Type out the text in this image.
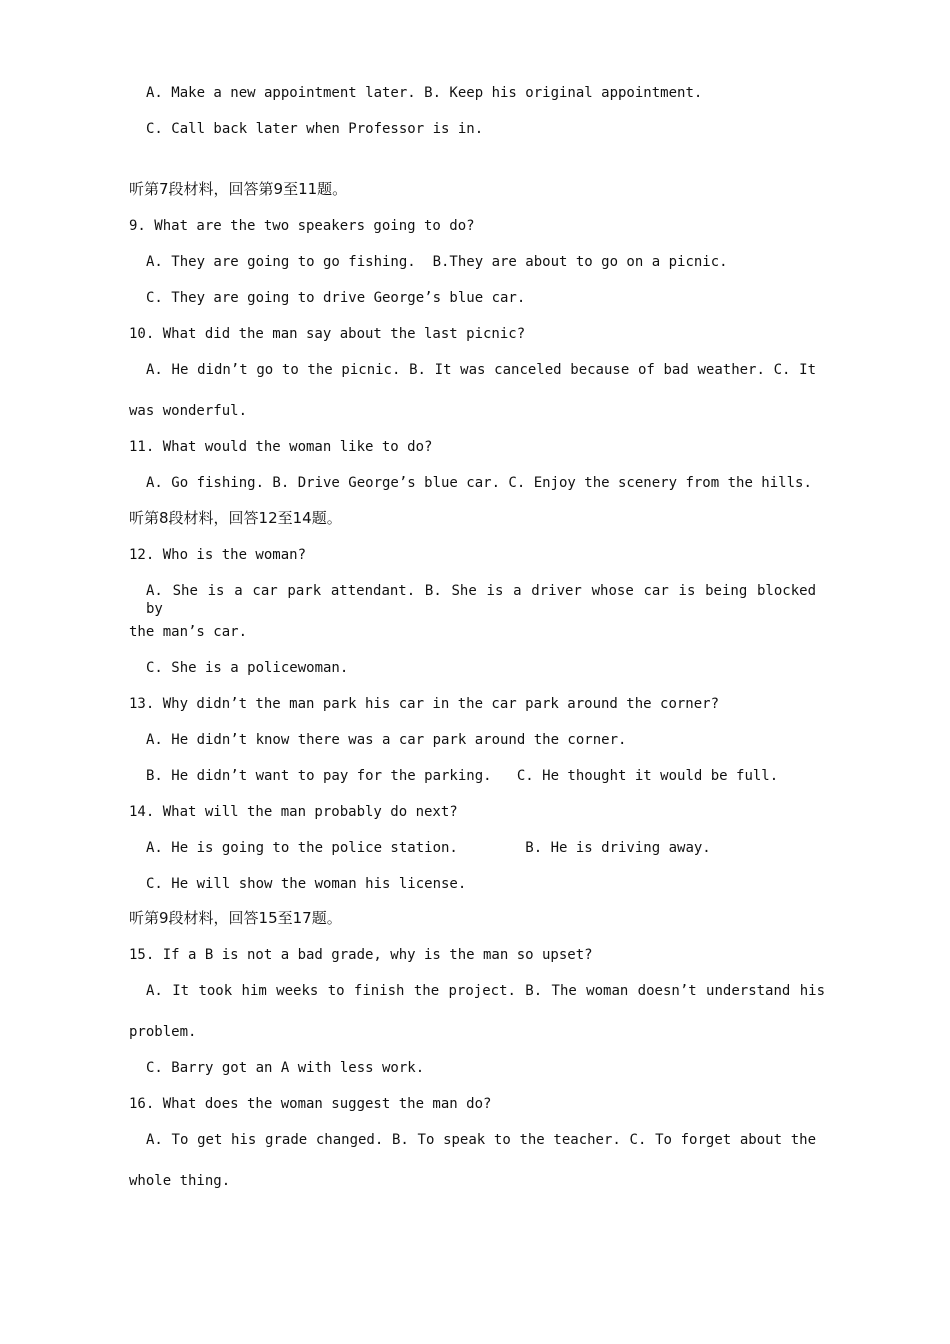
A. Make a new appointment later. B. Keep his original appointment.
C. Call back later when Professor is in.
听第7段材料，回答第9至11题。
9. What are the two speakers going to do?
A. They are going to go fishing.  B.They are about to go on a picnic.
C. They are going to drive George’s blue car.
10. What did the man say about the last picnic?
A. He didn’t go to the picnic. B. It was canceled because of bad weather. C. It
was wonderful.
11. What would the woman like to do?
A. Go fishing. B. Drive George’s blue car. C. Enjoy the scenery from the hills.
听第8段材料，回答12至14题。
12. Who is the woman?
A. She is a car park attendant. B. She is a driver whose car is being blocked by
the man’s car.
C. She is a policewoman.
13. Why didn’t the man park his car in the car park around the corner?
A. He didn’t know there was a car park around the corner.
B. He didn’t want to pay for the parking.   C. He thought it would be full.
14. What will the man probably do next?
A. He is going to the police station.        B. He is driving away.
C. He will show the woman his license.
听第9段材料，回答15至17题。
15. If a B is not a bad grade, why is the man so upset?
A. It took him weeks to finish the project. B. The woman doesn’t understand his
problem.
C. Barry got an A with less work.
16. What does the woman suggest the man do?
A. To get his grade changed. B. To speak to the teacher. C. To forget about the
whole thing.
